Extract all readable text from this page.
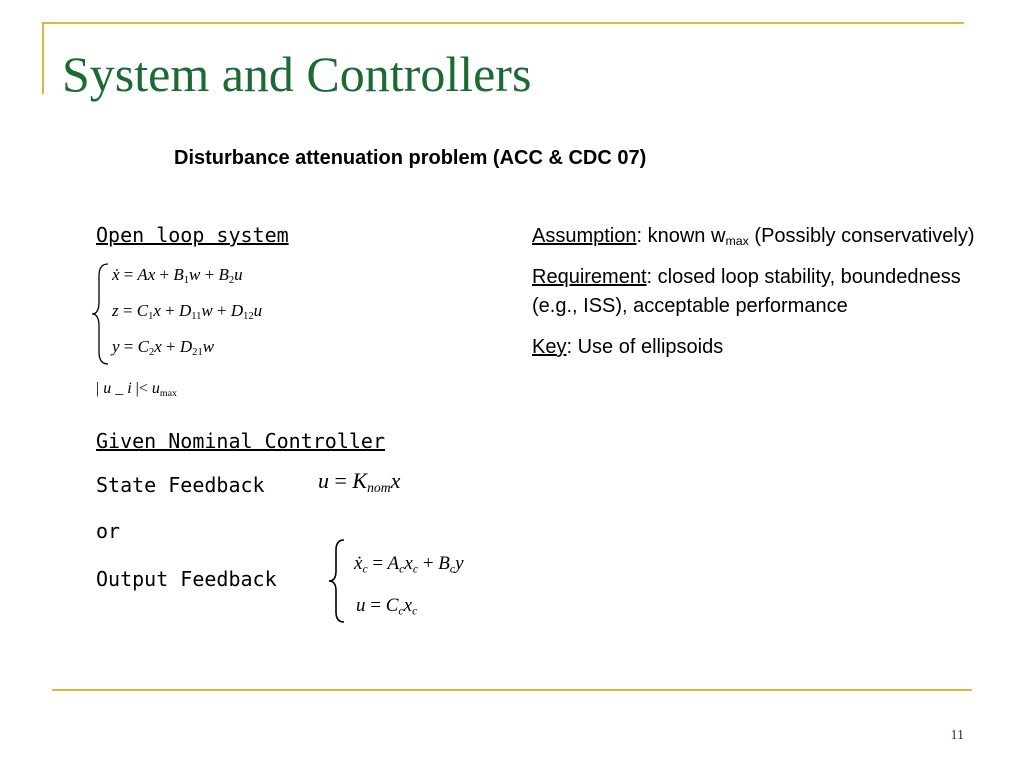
System and Controllers
Disturbance attenuation problem (ACC & CDC 07)
Open loop system
ẋ = $Ax + B_1w + B_2u$
$z = C_1x + D_{11}w + D_{12}u$
$y = C_2x + D_{21}w$
| u _ i |< $u_{max}$
Given Nominal Controller
State Feedback $u = K_{nom}x$
or
Output Feedback
$ẋ_c = A_cx_c + B_cy$
$u = C_cx_c$

Assumption: known $w_{max}$ (Possibly conservatively)

Requirement: closed loop stability, boundedness (e.g., ISS), acceptable performance

Key: Use of ellipsoids

11
